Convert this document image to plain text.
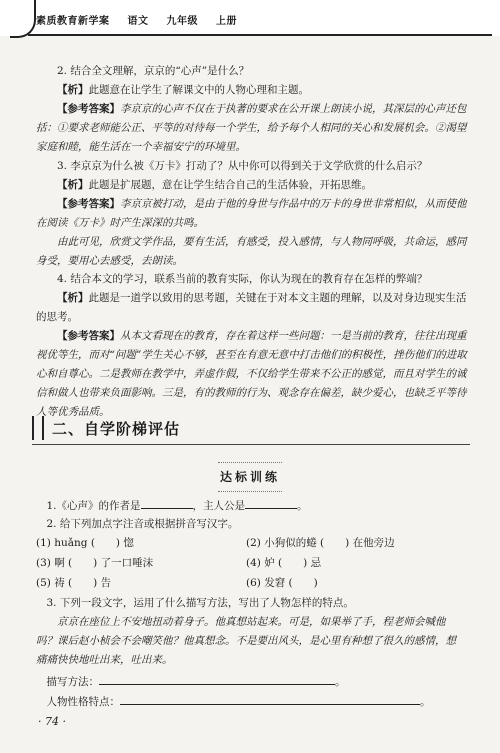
素质教育新学案 语文 九年级 上册

2. 结合全文理解，京京的“心声”是什么？

【析】此题意在让学生了解课文中的人物心理和主题。

【参考答案】李京京的心声不仅在于执著的要求在公开课上朗读小说，其深层的心声还包括：①要求老师能公正、平等的对待每一个学生，给予每个人相同的关心和发展机会。②渴望家庭和睦，能生活在一个幸福安宁的环境里。

3. 李京京为什么被《万卡》打动了？从中你可以得到关于文学欣赏的什么启示？

【析】此题是扩展题，意在让学生结合自己的生活体验，开拓思维。

【参考答案】李京京被打动，是由于他的身世与作品中的万卡的身世非常相似，从而使他在阅读《万卡》时产生深深的共鸣。

由此可见，欣赏文学作品，要有生活，有感受，投入感情，与人物同呼吸，共命运，感同身受，要用心去感受，去朗读。

4. 结合本文的学习，联系当前的教育实际，你认为现在的教育存在怎样的弊端？

【析】此题是一道学以致用的思考题，关键在于对本文主题的理解，以及对身边现实生活的思考。

【参考答案】从本文看现在的教育，存在着这样一些问题：一是当前的教育，往往出现重视优等生，而对“问题”学生关心不够，甚至在有意无意中打击他们的积极性，挫伤他们的进取心和自尊心。二是教师在教学中，弄虚作假，不仅给学生带来不公正的感觉，而且对学生的诚信和做人也带来负面影响。三是，有的教师的行为、观念存在偏差，缺少爱心，也缺乏平等待人等优秀品质。

二、自学阶梯评估
达标训练
1.《心声》的作者是	，主人公是	。
2. 给下列加点字注音或根据拼音写汉字。
(1) huǎng (　　) 惚	(2) 小狗似的蜷 (　　) 在他旁边
(3) 啊 (　　) 了一口唾沫	(4) 妒 (　　) 忌
(5) 祷 (　　) 告	(6) 发窘 (　　)

3. 下列一段文字，运用了什么描写方法，写出了人物怎样的特点。

京京在座位上不安地扭动着身子。他真想站起来。可是，如果举了手，程老师会喊他吗？课后赵小桢会不会嘲笑他？他真想念。不是要出风头，是心里有种想了很久的感情，想痛痛快快地吐出来，吐出来。

描写方法：	。
人物性格特点：	。
· 74 ·
